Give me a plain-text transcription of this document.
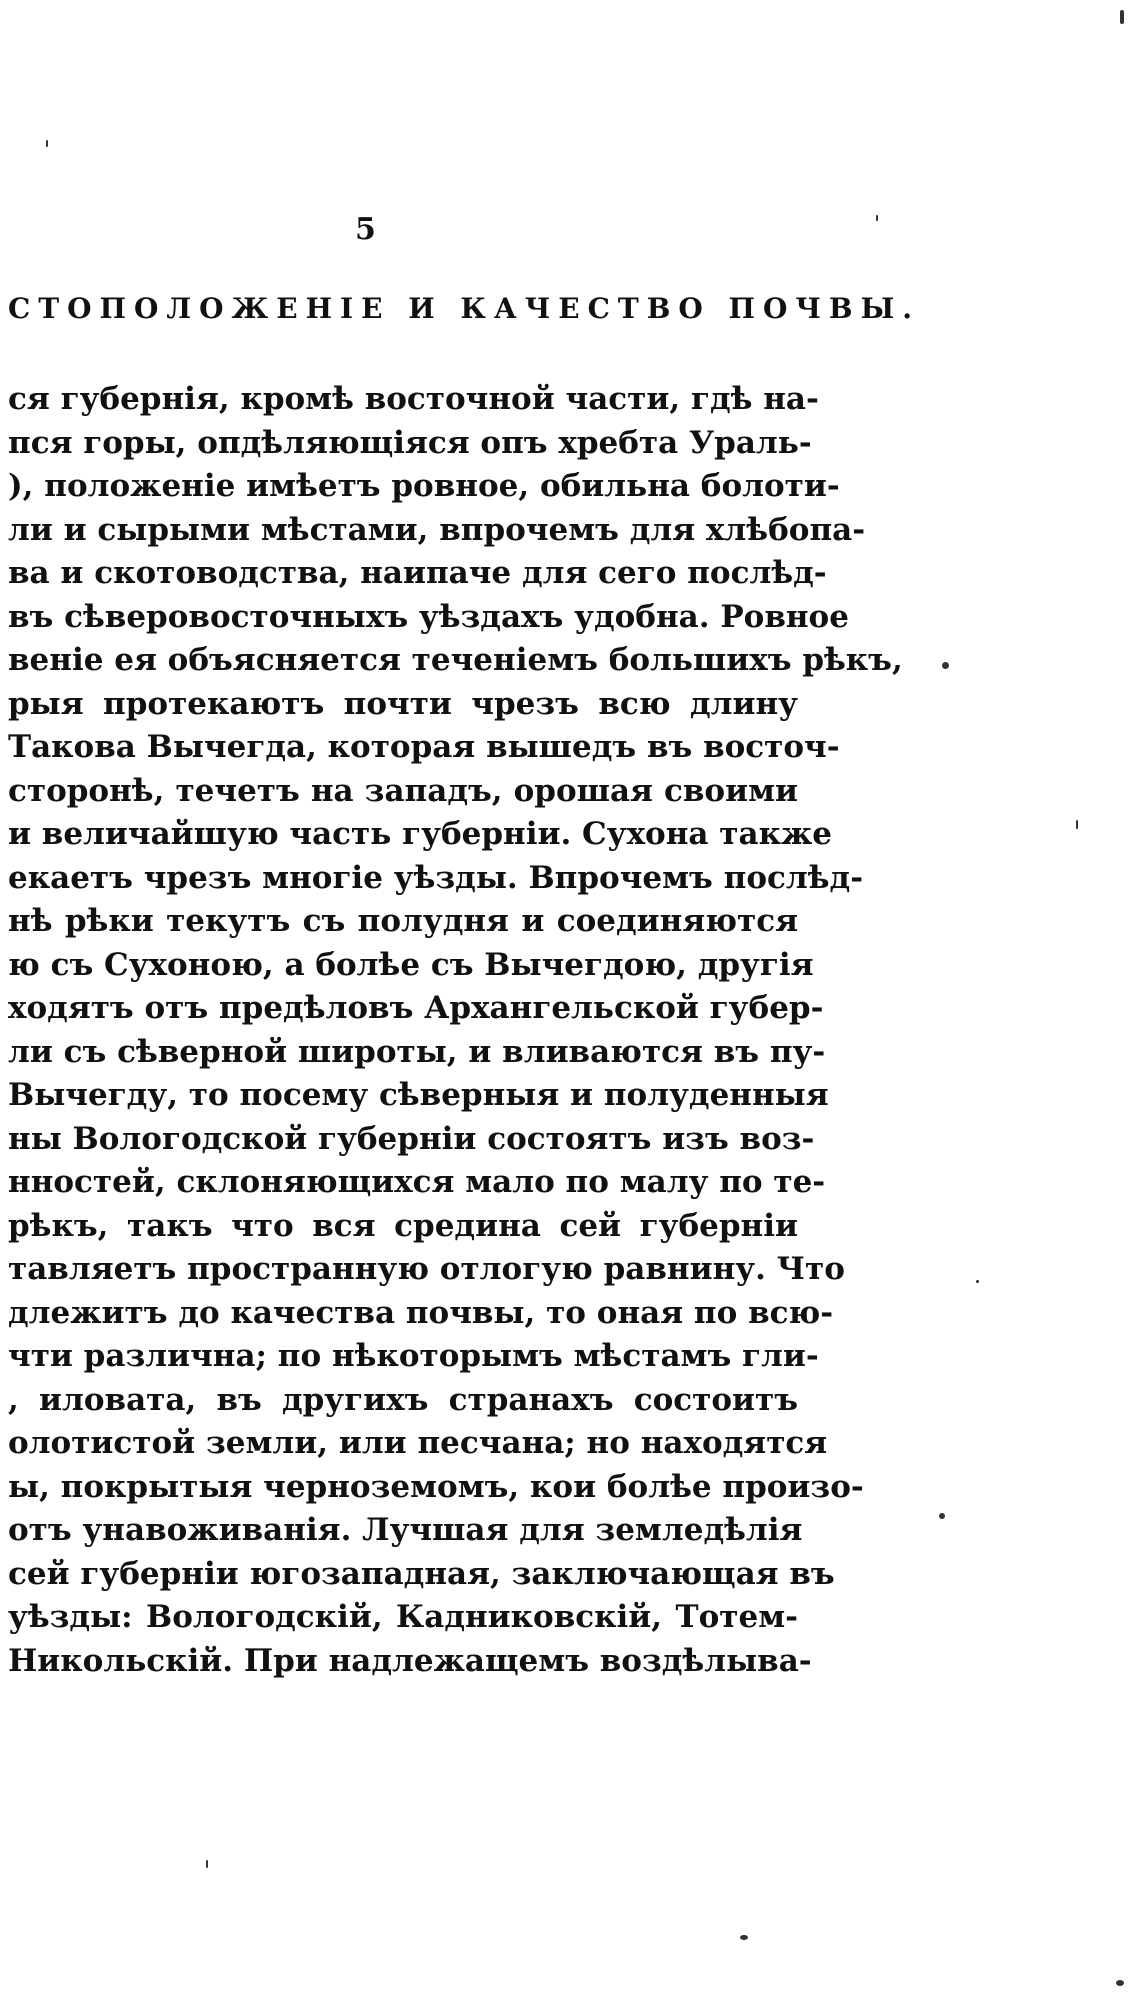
5
СТОПОЛОЖЕНІЕ И КАЧЕСТВО ПОЧВЫ.
ся губернія, кромѣ восточной части, гдѣ на-
пся горы, опдѣляющіяся опъ хребта Ураль-
), положеніе имѣетъ ровное, обильна болоти-
ли и сырыми мѣстами, впрочемъ для хлѣбопа-
ва и скотоводства, наипаче для сего послѣд-
въ сѣверовосточныхъ уѣздахъ удобна. Ровное
веніе ея объясняется теченіемъ большихъ рѣкъ,
рыя протекаютъ почти чрезъ всю длину
Такова Вычегда, которая вышедъ въ восточ-
сторонѣ, течетъ на западъ, орошая своими
и величайшую часть губерніи. Сухона также
екаетъ чрезъ многіе уѣзды. Впрочемъ послѣд-
нѣ рѣки текутъ съ полудня и соединяются
ю съ Сухоною, а болѣе съ Вычегдою, другія
ходятъ отъ предѣловъ Архангельской губер-
ли съ сѣверной широты, и вливаются въ пу-
Вычегду, то посему сѣверныя и полуденныя
ны Вологодской губерніи состоятъ изъ воз-
нностей, склоняющихся мало по малу по те-
рѣкъ, такъ что вся средина сей губерніи
тавляетъ пространную отлогую равнину. Что
длежитъ до качества почвы, то оная по всю-
чти различна; по нѣкоторымъ мѣстамъ гли-
, иловата, въ другихъ странахъ состоитъ
олотистой земли, или песчана; но находятся
ы, покрытыя черноземомъ, кои болѣе произо-
отъ унавоживанія. Лучшая для земледѣлія
сей губерніи югозападная, заключающая въ
уѣзды: Вологодскій, Кадниковскій, Тотем-
Никольскій. При надлежащемъ воздѣлыва-
